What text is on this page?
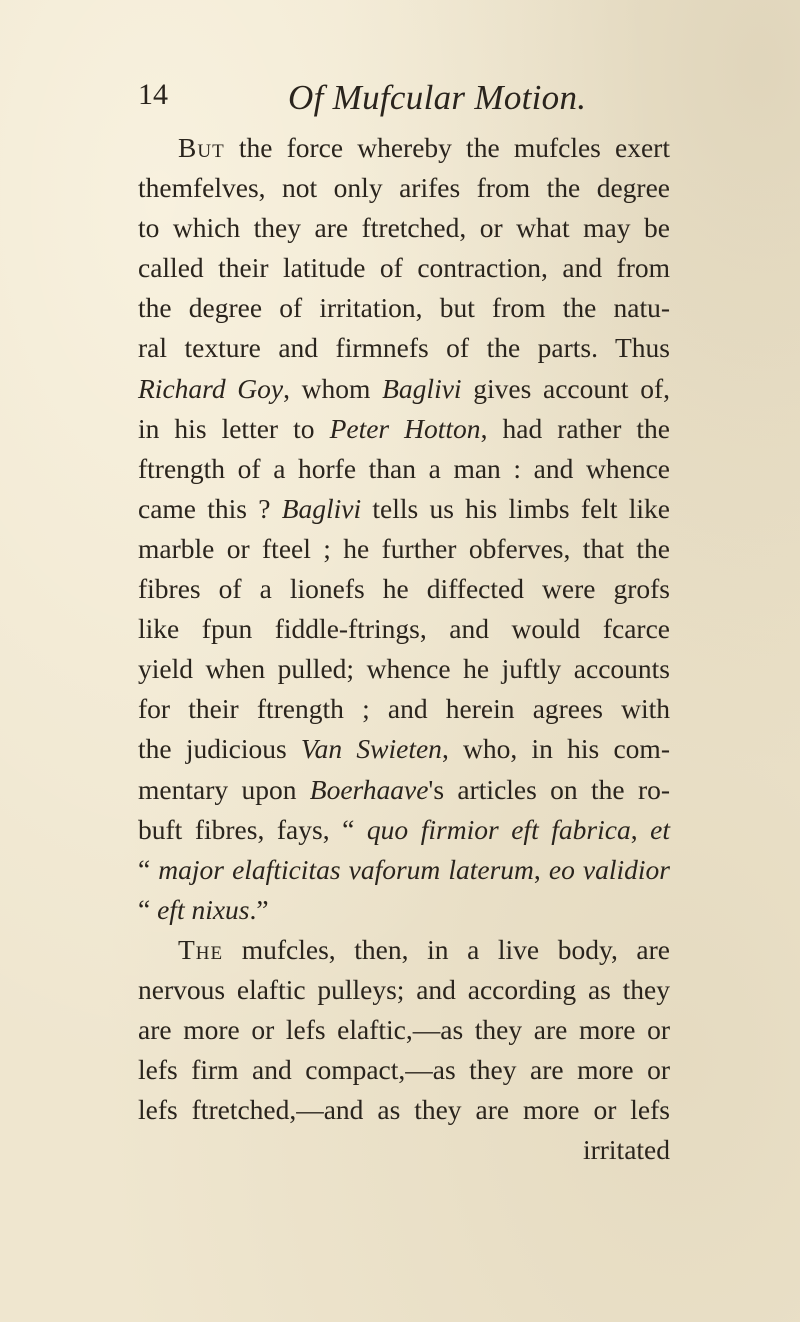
14	Of Mufcular Motion.
But the force whereby the mufcles exert
themfelves, not only arifes from the degree
to which they are ftretched, or what may be
called their latitude of contraction, and from
the degree of irritation, but from the natu-
ral texture and firmnefs of the parts. Thus
Richard Goy, whom Baglivi gives account of,
in his letter to Peter Hotton, had rather the
ftrength of a horfe than a man : and whence
came this ? Baglivi tells us his limbs felt like
marble or fteel ; he further obferves, that the
fibres of a lionefs he diffected were grofs
like fpun fiddle-ftrings, and would fcarce
yield when pulled; whence he juftly accounts
for their ftrength ; and herein agrees with
the judicious Van Swieten, who, in his com-
mentary upon Boerhaave's articles on the ro-
buft fibres, fays, “ quo firmior eft fabrica, et
“ major elafticitas vaforum laterum, eo validior
“ eft nixus.”
The mufcles, then, in a live body, are
nervous elaftic pulleys; and according as they
are more or lefs elaftic,—as they are more or
lefs firm and compact,—as they are more or
lefs ftretched,—and as they are more or lefs
irritated
